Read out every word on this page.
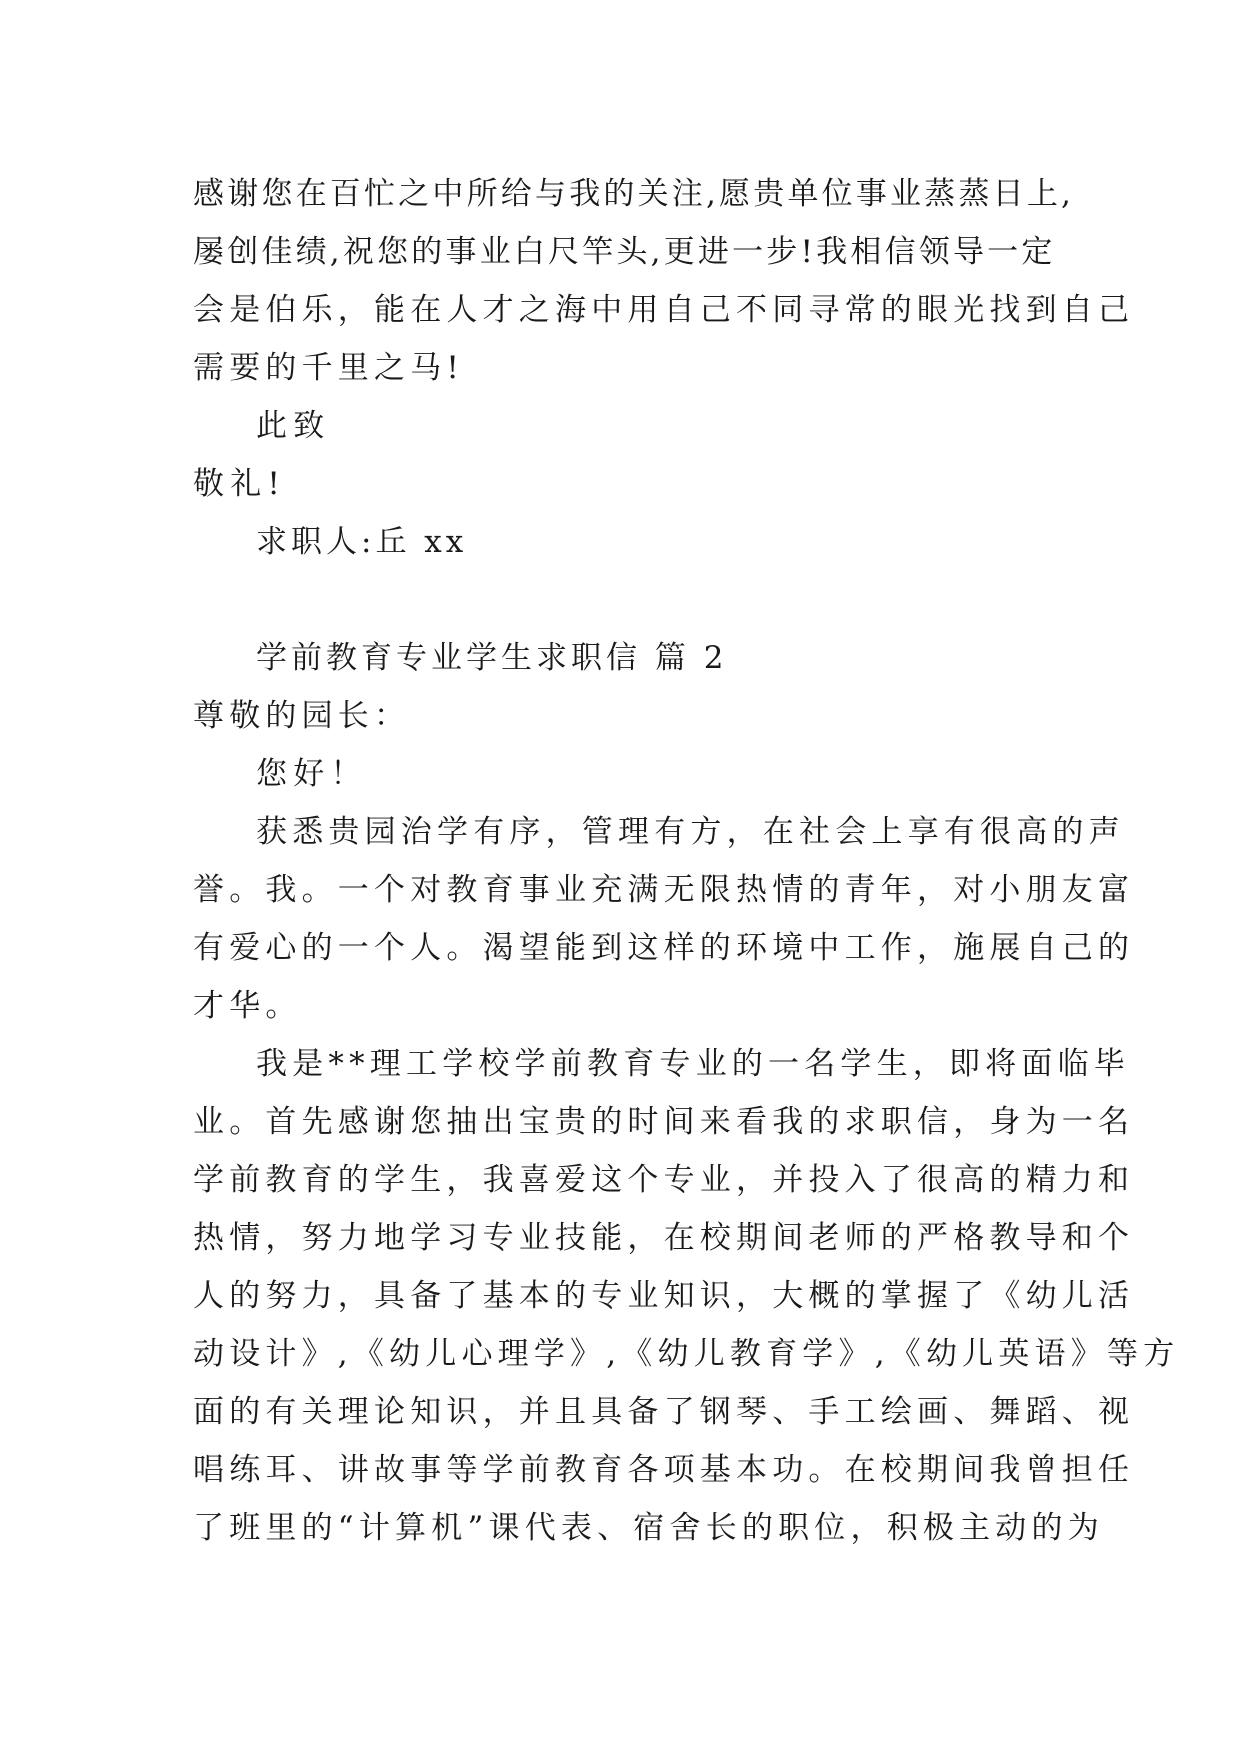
感谢您在百忙之中所给与我的关注,愿贵单位事业蒸蒸日上,
屡创佳绩,祝您的事业白尺竿头,更进一步!我相信领导一定
会是伯乐，能在人才之海中用自己不同寻常的眼光找到自己
需要的千里之马!
此致
敬礼!
求职人:丘 xx
学前教育专业学生求职信 篇 2
尊敬的园长：
您好！
获悉贵园治学有序，管理有方，在社会上享有很高的声
誉。我。一个对教育事业充满无限热情的青年，对小朋友富
有爱心的一个人。渴望能到这样的环境中工作，施展自己的
才华。
我是**理工学校学前教育专业的一名学生，即将面临毕
业。首先感谢您抽出宝贵的时间来看我的求职信，身为一名
学前教育的学生，我喜爱这个专业，并投入了很高的精力和
热情，努力地学习专业技能，在校期间老师的严格教导和个
人的努力，具备了基本的专业知识，大概的掌握了《幼儿活
动设计》,《幼儿心理学》,《幼儿教育学》,《幼儿英语》等方
面的有关理论知识，并且具备了钢琴、手工绘画、舞蹈、视
唱练耳、讲故事等学前教育各项基本功。在校期间我曾担任
了班里的“计算机”课代表、宿舍长的职位，积极主动的为
